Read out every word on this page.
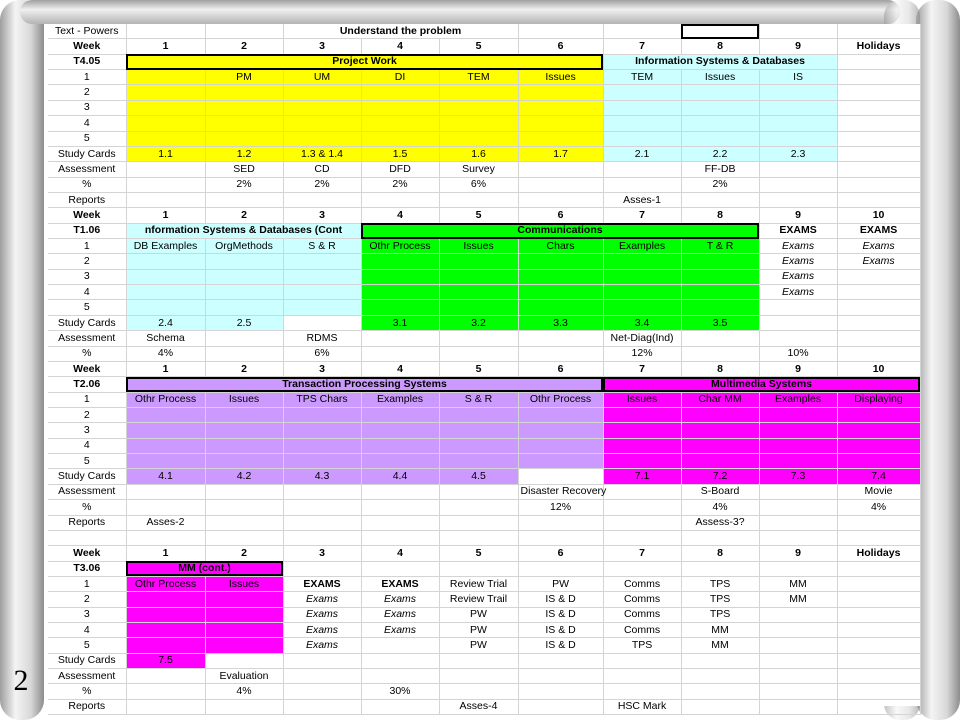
Text - Powers			Understand the problem							
Week	1	2	3	4	5	6	7	8	9	Holidays
T4.05	Project Work						Information Systems & Databases			
1		PM	UM	DI	TEM	Issues	TEM	Issues	IS	
2										
3										
4										
5										
Study Cards	1.1	1.2	1.3 & 1.4	1.5	1.6	1.7	2.1	2.2	2.3	
Assessment		SED	CD	DFD	Survey			FF-DB		
%		2%	2%	2%	6%			2%		
Reports							Asses-1			
Week	1	2	3	4	5	6	7	8	9	10
T1.06	nformation Systems & Databases (Cont			Communications					EXAMS	EXAMS
1	DB Examples	OrgMethods	S & R	Othr Process	Issues	Chars	Examples	T & R	Exams	Exams
2									Exams	Exams
3									Exams	
4									Exams	
5										
Study Cards	2.4	2.5		3.1	3.2	3.3	3.4	3.5		
Assessment	Schema		RDMS				Net-Diag(Ind)			
%	4%		6%				12%		10%	
Week	1	2	3	4	5	6	7	8	9	10
T2.06	Transaction Processing Systems						Multimedia Systems			
1	Othr Process	Issues	TPS Chars	Examples	S & R	Othr Process	Issues	Char MM	Examples	Displaying
2										
3										
4										
5										
Study Cards	4.1	4.2	4.3	4.4	4.5		7.1	7.2	7.3	7.4
Assessment						Disaster Recovery		S-Board		Movie
%						12%		4%		4%
Reports	Asses-2							Assess-3?		

Week	1	2	3	4	5	6	7	8	9	Holidays
T3.06	MM (cont.)									
1	Othr Process	Issues	EXAMS	EXAMS	Review Trial	PW	Comms	TPS	MM	
2			Exams	Exams	Review Trail	IS & D	Comms	TPS	MM	
3			Exams	Exams	PW	IS & D	Comms	TPS		
4			Exams	Exams	PW	IS & D	Comms	MM		
5			Exams		PW	IS & D	TPS	MM		
Study Cards	7.5									
Assessment		Evaluation								
%		4%		30%						
Reports					Asses-4		HSC Mark			
2
